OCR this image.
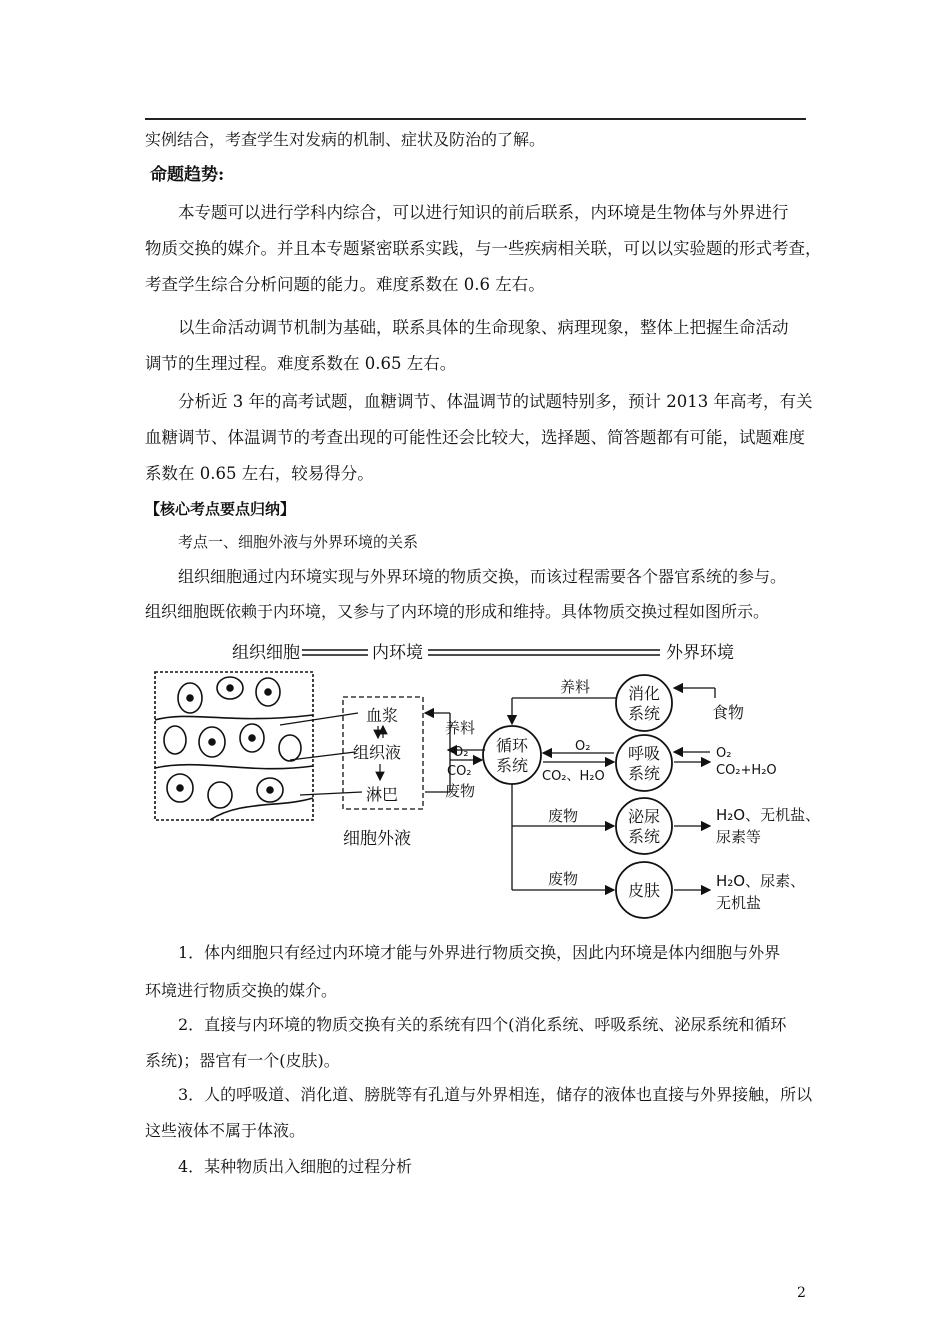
实例结合，考查学生对发病的机制、症状及防治的了解。
命题趋势:
本专题可以进行学科内综合，可以进行知识的前后联系，内环境是生物体与外界进行
物质交换的媒介。并且本专题紧密联系实践，与一些疾病相关联，可以以实验题的形式考查，
考查学生综合分析问题的能力。难度系数在 0.6 左右。
以生命活动调节机制为基础，联系具体的生命现象、病理现象，整体上把握生命活动
调节的生理过程。难度系数在 0.65 左右。
分析近 3 年的高考试题，血糖调节、体温调节的试题特别多，预计 2013 年高考，有关
血糖调节、体温调节的考查出现的可能性还会比较大，选择题、简答题都有可能，试题难度
系数在 0.65 左右，较易得分。
【核心考点要点归纳】
考点一、细胞外液与外界环境的关系
组织细胞通过内环境实现与外界环境的物质交换，而该过程需要各个器官系统的参与。
组织细胞既依赖于内环境，又参与了内环境的形成和维持。具体物质交换过程如图所示。
组织细胞	内环境	外界环境
血浆
组织液
淋巴
细胞外液
养料
O₂
CO₂
废物
循环
系统
消化
系统
养料
食物
呼吸
系统
O₂
CO₂、H₂O
O₂
CO₂+H₂O
废物	泌尿
系统
H₂O、无机盐、
尿素等
废物
皮肤	H₂O、尿素、
无机盐
1．体内细胞只有经过内环境才能与外界进行物质交换，因此内环境是体内细胞与外界
环境进行物质交换的媒介。
2．直接与内环境的物质交换有关的系统有四个(消化系统、呼吸系统、泌尿系统和循环
系统)；器官有一个(皮肤)。
3．人的呼吸道、消化道、膀胱等有孔道与外界相连，储存的液体也直接与外界接触，所以
这些液体不属于体液。
4．某种物质出入细胞的过程分析
2
